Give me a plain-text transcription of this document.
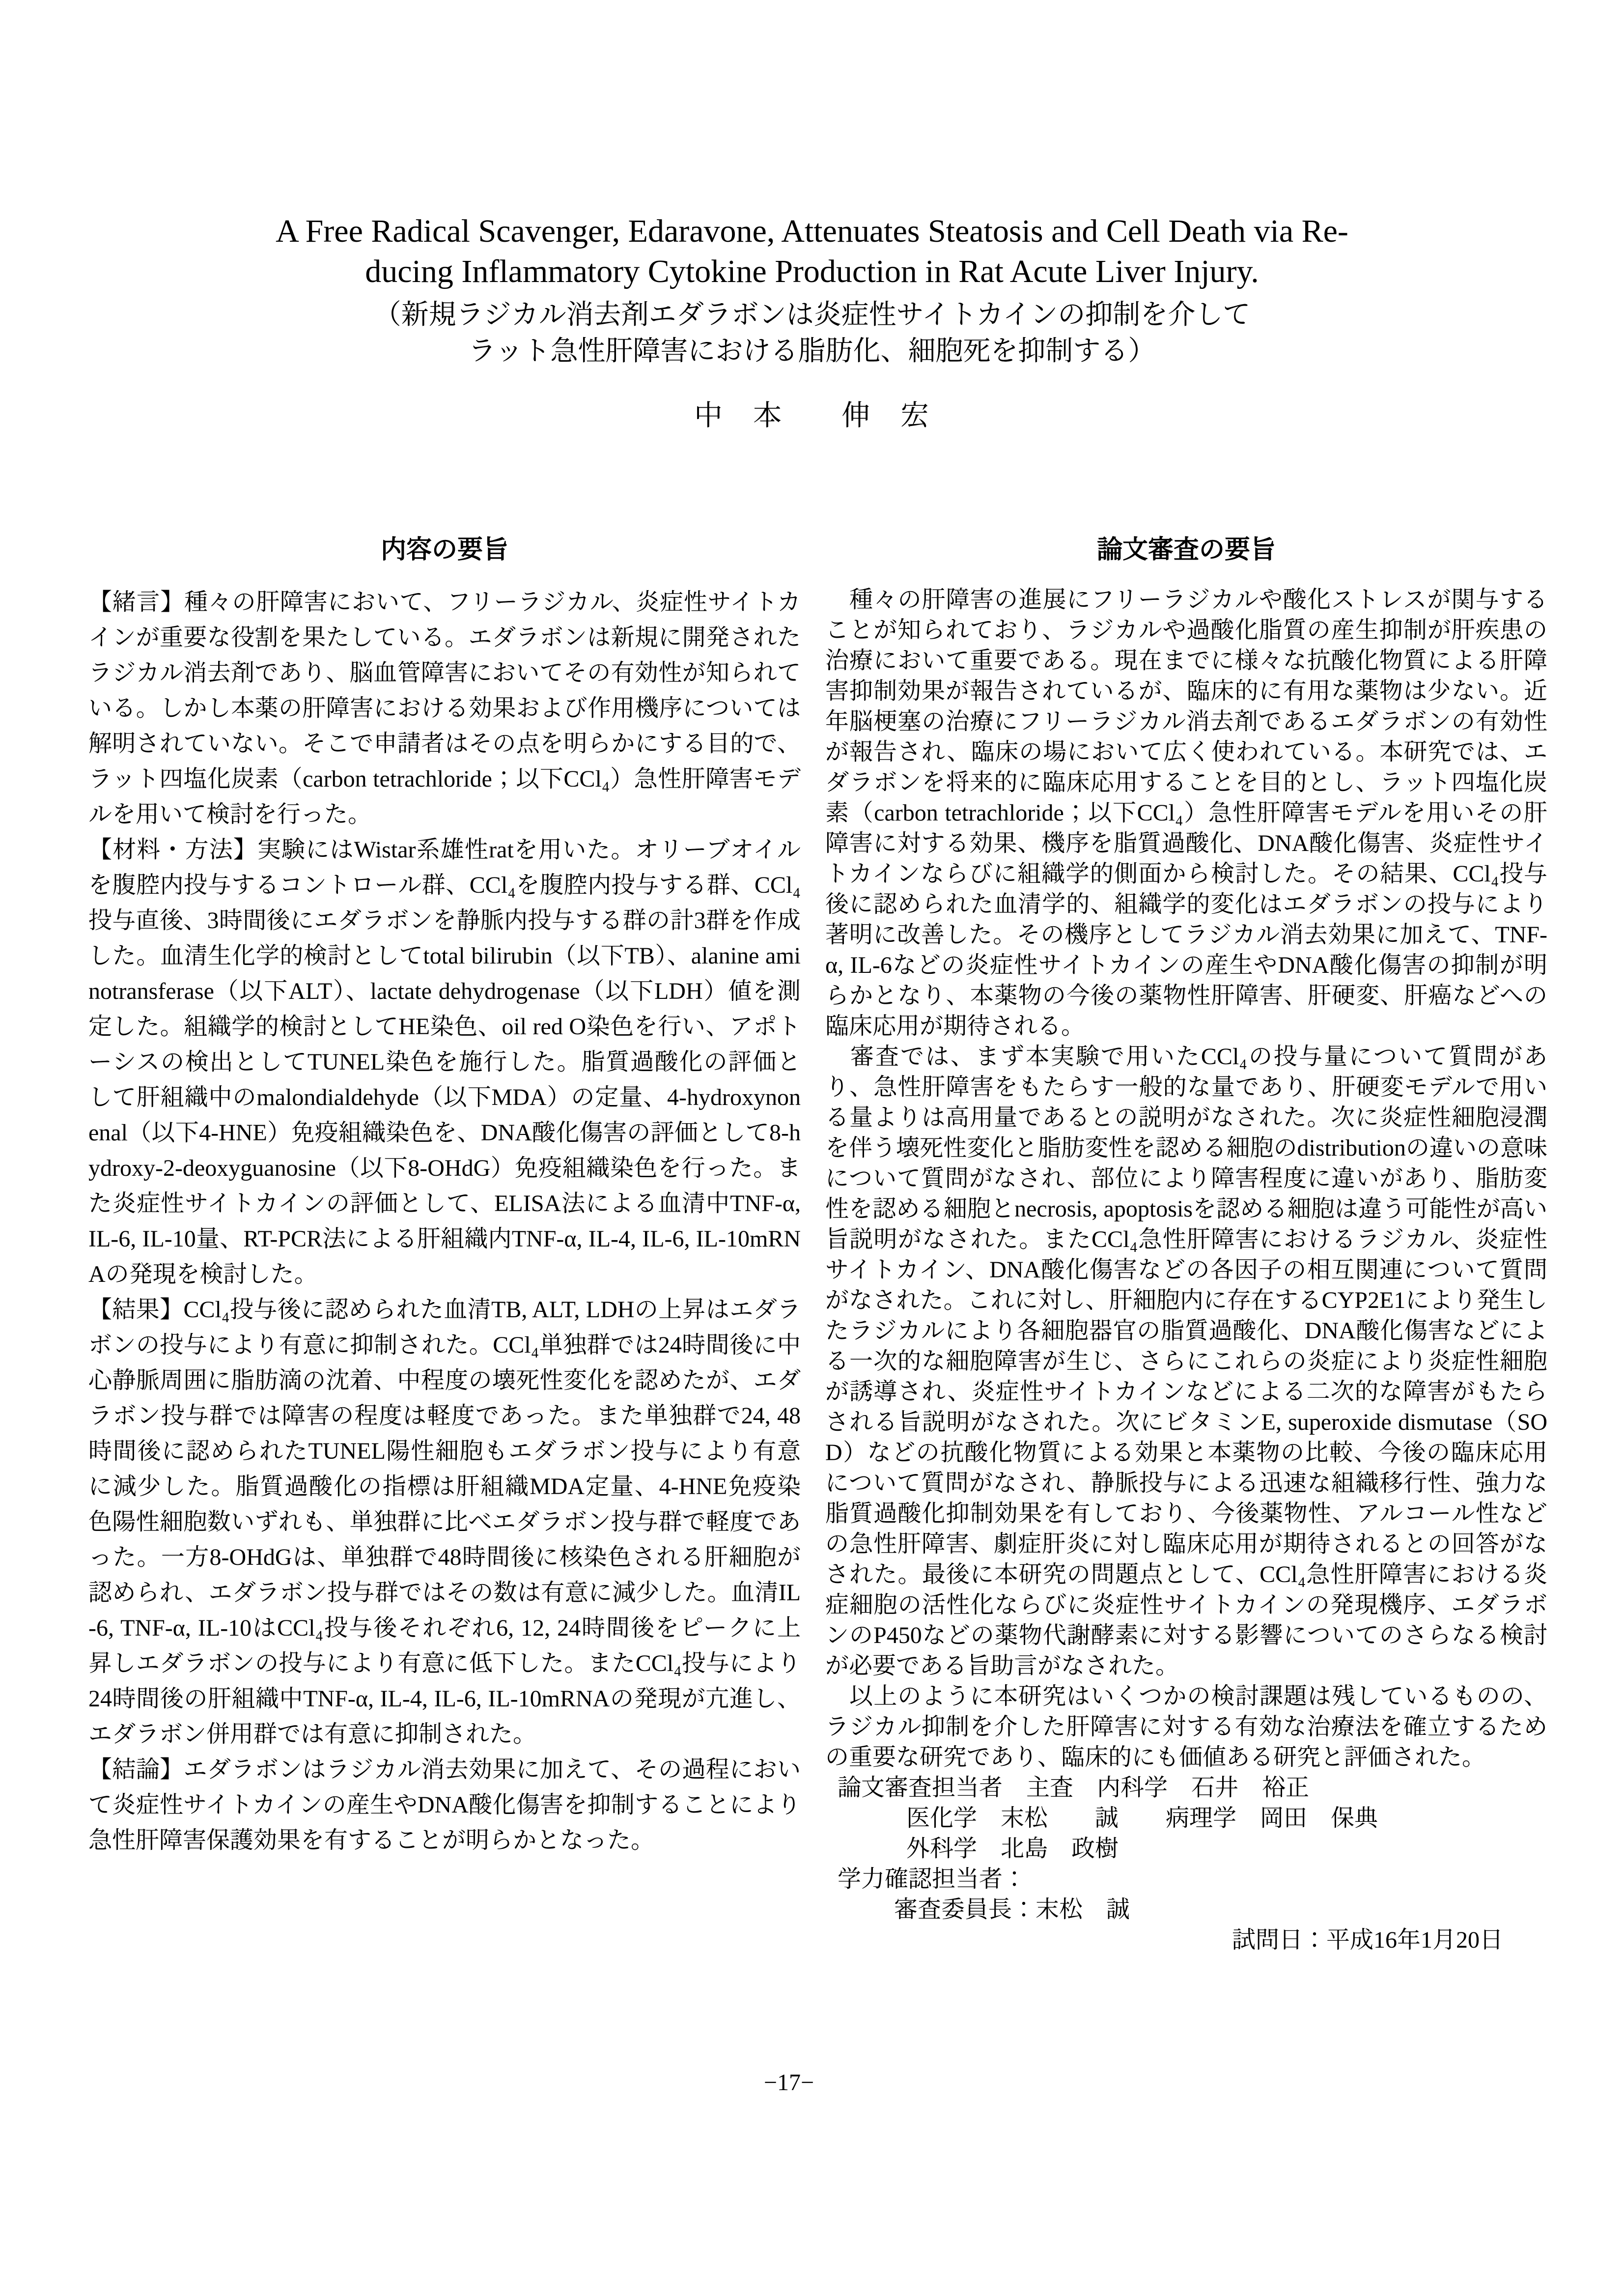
A Free Radical Scavenger, Edaravone, Attenuates Steatosis and Cell Death via Re-
ducing Inflammatory Cytokine Production in Rat Acute Liver Injury.
（新規ラジカル消去剤エダラボンは炎症性サイトカインの抑制を介して
ラット急性肝障害における脂肪化、細胞死を抑制する）
中　本　　伸　宏
内容の要旨

【緒言】種々の肝障害において、フリーラジカル、炎症性サイトカインが重要な役割を果たしている。エダラボンは新規に開発されたラジカル消去剤であり、脳血管障害においてその有効性が知られている。しかし本薬の肝障害における効果および作用機序については解明されていない。そこで申請者はその点を明らかにする目的で、ラット四塩化炭素（carbon tetrachloride；以下CCl₄）急性肝障害モデルを用いて検討を行った。

【材料・方法】実験にはWistar系雄性ratを用いた。オリーブオイルを腹腔内投与するコントロール群、CCl₄を腹腔内投与する群、CCl₄投与直後、3時間後にエダラボンを静脈内投与する群の計3群を作成した。血清生化学的検討としてtotal bilirubin（以下TB）、alanine aminotransferase（以下ALT）、lactate dehydrogenase（以下LDH）値を測定した。組織学的検討としてHE染色、oil red O染色を行い、アポトーシスの検出としてTUNEL染色を施行した。脂質過酸化の評価として肝組織中のmalondialdehyde（以下MDA）の定量、4-hydroxynonenal（以下4-HNE）免疫組織染色を、DNA酸化傷害の評価として8-hydroxy-2-deoxyguanosine（以下8-OHdG）免疫組織染色を行った。また炎症性サイトカインの評価として、ELISA法による血清中TNF-α, IL-6, IL-10量、RT-PCR法による肝組織内TNF-α, IL-4, IL-6, IL-10mRNAの発現を検討した。

【結果】CCl₄投与後に認められた血清TB, ALT, LDHの上昇はエダラボンの投与により有意に抑制された。CCl₄単独群では24時間後に中心静脈周囲に脂肪滴の沈着、中程度の壊死性変化を認めたが、エダラボン投与群では障害の程度は軽度であった。また単独群で24, 48時間後に認められたTUNEL陽性細胞もエダラボン投与により有意に減少した。脂質過酸化の指標は肝組織MDA定量、4-HNE免疫染色陽性細胞数いずれも、単独群に比べエダラボン投与群で軽度であった。一方8-OHdGは、単独群で48時間後に核染色される肝細胞が認められ、エダラボン投与群ではその数は有意に減少した。血清IL-6, TNF-α, IL-10はCCl₄投与後それぞれ6, 12, 24時間後をピークに上昇しエダラボンの投与により有意に低下した。またCCl₄投与により24時間後の肝組織中TNF-α, IL-4, IL-6, IL-10mRNAの発現が亢進し、エダラボン併用群では有意に抑制された。

【結論】エダラボンはラジカル消去効果に加えて、その過程において炎症性サイトカインの産生やDNA酸化傷害を抑制することにより急性肝障害保護効果を有することが明らかとなった。

論文審査の要旨

　種々の肝障害の進展にフリーラジカルや酸化ストレスが関与することが知られており、ラジカルや過酸化脂質の産生抑制が肝疾患の治療において重要である。現在までに様々な抗酸化物質による肝障害抑制効果が報告されているが、臨床的に有用な薬物は少ない。近年脳梗塞の治療にフリーラジカル消去剤であるエダラボンの有効性が報告され、臨床の場において広く使われている。本研究では、エダラボンを将来的に臨床応用することを目的とし、ラット四塩化炭素（carbon tetrachloride；以下CCl₄）急性肝障害モデルを用いその肝障害に対する効果、機序を脂質過酸化、DNA酸化傷害、炎症性サイトカインならびに組織学的側面から検討した。その結果、CCl₄投与後に認められた血清学的、組織学的変化はエダラボンの投与により著明に改善した。その機序としてラジカル消去効果に加えて、TNF-α, IL-6などの炎症性サイトカインの産生やDNA酸化傷害の抑制が明らかとなり、本薬物の今後の薬物性肝障害、肝硬変、肝癌などへの臨床応用が期待される。

　審査では、まず本実験で用いたCCl₄の投与量について質問があり、急性肝障害をもたらす一般的な量であり、肝硬変モデルで用いる量よりは高用量であるとの説明がなされた。次に炎症性細胞浸潤を伴う壊死性変化と脂肪変性を認める細胞のdistributionの違いの意味について質問がなされ、部位により障害程度に違いがあり、脂肪変性を認める細胞とnecrosis, apoptosisを認める細胞は違う可能性が高い旨説明がなされた。またCCl₄急性肝障害におけるラジカル、炎症性サイトカイン、DNA酸化傷害などの各因子の相互関連について質問がなされた。これに対し、肝細胞内に存在するCYP2E1により発生したラジカルにより各細胞器官の脂質過酸化、DNA酸化傷害などによる一次的な細胞障害が生じ、さらにこれらの炎症により炎症性細胞が誘導され、炎症性サイトカインなどによる二次的な障害がもたらされる旨説明がなされた。次にビタミンE, superoxide dismutase（SOD）などの抗酸化物質による効果と本薬物の比較、今後の臨床応用について質問がなされ、静脈投与による迅速な組織移行性、強力な脂質過酸化抑制効果を有しており、今後薬物性、アルコール性などの急性肝障害、劇症肝炎に対し臨床応用が期待されるとの回答がなされた。最後に本研究の問題点として、CCl₄急性肝障害における炎症細胞の活性化ならびに炎症性サイトカインの発現機序、エダラボンのP450などの薬物代謝酵素に対する影響についてのさらなる検討が必要である旨助言がなされた。

　以上のように本研究はいくつかの検討課題は残しているものの、ラジカル抑制を介した肝障害に対する有効な治療法を確立するための重要な研究であり、臨床的にも価値ある研究と評価された。

論文審査担当者　主査　内科学　石井　裕正
医化学　末松　　誠　　病理学　岡田　保典
外科学　北島　政樹
学力確認担当者：
審査委員長：末松　誠
試問日：平成16年1月20日
−17−
